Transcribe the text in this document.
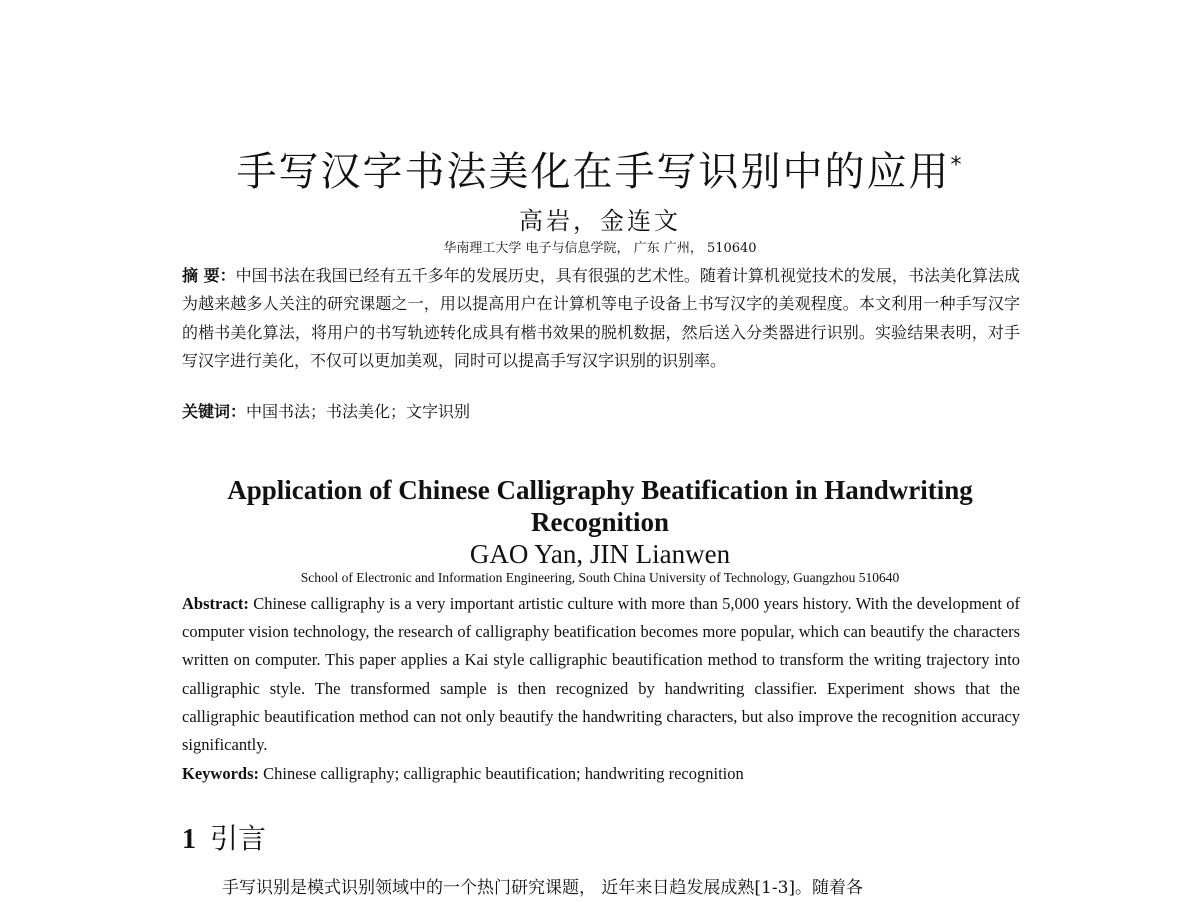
手写汉字书法美化在手写识别中的应用*
高岩，金连文
华南理工大学 电子与信息学院， 广东 广州， 510640
摘 要：中国书法在我国已经有五千多年的发展历史，具有很强的艺术性。随着计算机视觉技术的发展，书法美化算法成为越来越多人关注的研究课题之一，用以提高用户在计算机等电子设备上书写汉字的美观程度。本文利用一种手写汉字的楷书美化算法，将用户的书写轨迹转化成具有楷书效果的脱机数据，然后送入分类器进行识别。实验结果表明，对手写汉字进行美化，不仅可以更加美观，同时可以提高手写汉字识别的识别率。
关键词：中国书法；书法美化；文字识别
Application of Chinese Calligraphy Beatification in Handwriting Recognition
GAO Yan, JIN Lianwen
School of Electronic and Information Engineering, South China University of Technology, Guangzhou 510640
Abstract: Chinese calligraphy is a very important artistic culture with more than 5,000 years history. With the development of computer vision technology, the research of calligraphy beatification becomes more popular, which can beautify the characters written on computer. This paper applies a Kai style calligraphic beautification method to transform the writing trajectory into calligraphic style. The transformed sample is then recognized by handwriting classifier. Experiment shows that the calligraphic beautification method can not only beautify the handwriting characters, but also improve the recognition accuracy significantly.
Keywords: Chinese calligraphy; calligraphic beautification; handwriting recognition
1 引言
手写识别是模式识别领域中的一个热门研究课题， 近年来日趋发展成熟[1-3]。随着各
